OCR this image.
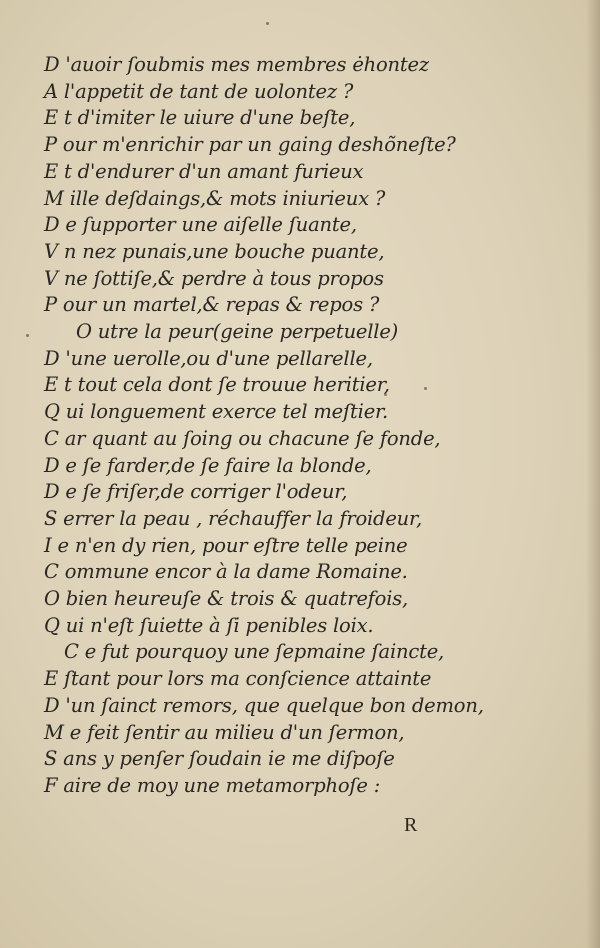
D 'auoir ſoubmis mes membres ėhontez
A l'appetit de tant de uolontez ?
E t d'imiter le uiure d'une beſte,
P our m'enrichir par un gaing deshõneſte?
E t d'endurer d'un amant furieux
M ille deſdaings,& mots iniurieux ?
D e ſupporter une aiſelle ſuante,
V n nez punais,une bouche puante,
V ne ſottiſe,& perdre à tous propos
P our un martel,& repas & repos ?
O utre la peur(geine perpetuelle)
D 'une uerolle,ou d'une pellarelle,
E t tout cela dont ſe trouue heritier,
Q ui longuement exerce tel meſtier.
C ar quant au ſoing ou chacune ſe fonde,
D e ſe farder,de ſe faire la blonde,
D e ſe friſer,de corriger l'odeur,
S errer la peau , réchauffer la froideur,
I e n'en dy rien, pour eſtre telle peine
C ommune encor à la dame Romaine.
O bien heureuſe & trois & quatrefois,
Q ui n'eſt ſuiette à ſi penibles loix.
C e fut pourquoy une ſepmaine ſaincte,
E ſtant pour lors ma conſcience attainte
D 'un ſainct remors, que quelque bon demon,
M e feit ſentir au milieu d'un ſermon,
S ans y penſer ſoudain ie me diſpoſe
F aire de moy une metamorphoſe :
R
